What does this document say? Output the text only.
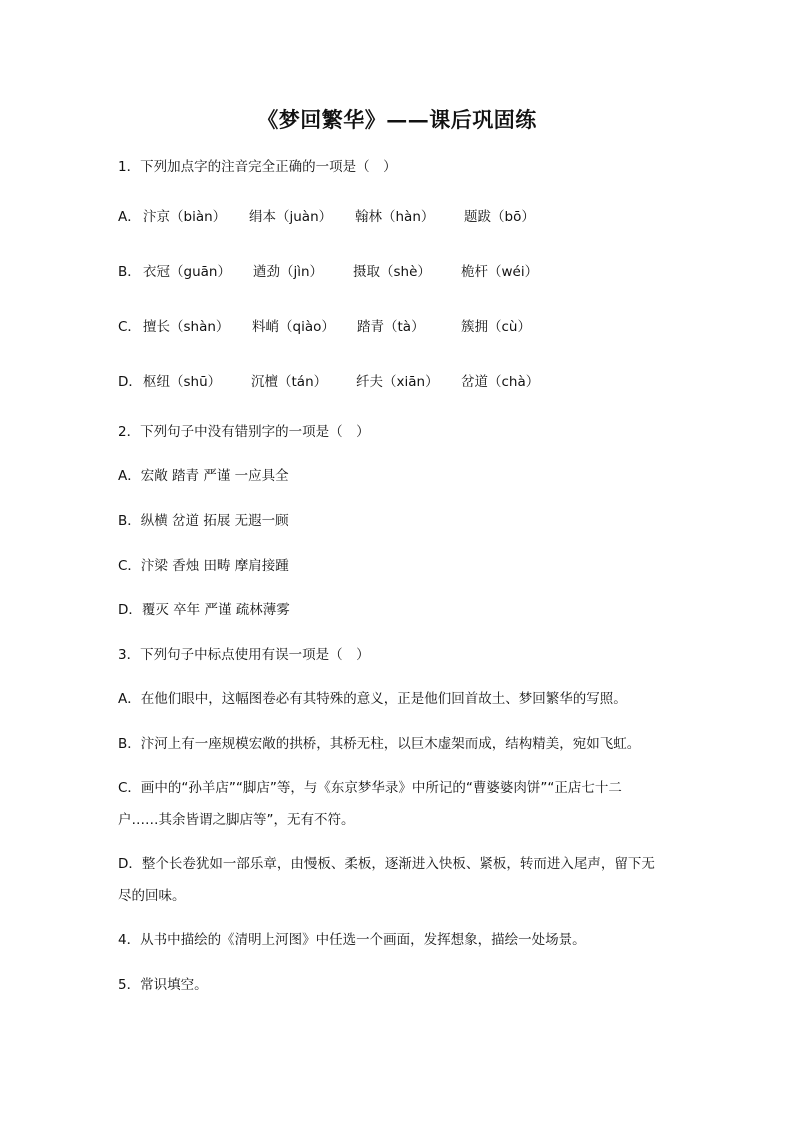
《梦回繁华》——课后巩固练
1．下列加点字的注音完全正确的一项是（　）
A． 汴京（biàn） 绢本（juàn） 翰林（hàn） 题跋（bō）
B． 衣冠（guān） 遒劲（jìn） 摄取（shè） 桅杆（wéi）
C． 擅长（shàn） 料峭（qiào） 踏青（tà）	簇拥（cù）
D． 枢纽（shū） 沉檀（tán） 纤夫（xiān） 岔道（chà）
2．下列句子中没有错别字的一项是（　）
A．宏敞 踏青 严谨 一应具全
B．纵横 岔道 拓展 无遐一顾
C．汴梁 香烛 田畴 摩肩接踵
D．覆灭 卒年 严谨 疏林薄雾
3．下列句子中标点使用有误一项是（　）
A．在他们眼中，这幅图卷必有其特殊的意义，正是他们回首故土、梦回繁华的写照。
B．汴河上有一座规模宏敞的拱桥，其桥无柱，以巨木虚架而成，结构精美，宛如飞虹。
C．画中的“孙羊店”“脚店”等，与《东京梦华录》中所记的“曹婆婆肉饼”“正店七十二
户……其余皆谓之脚店等”，无有不符。
D．整个长卷犹如一部乐章，由慢板、柔板，逐渐进入快板、紧板，转而进入尾声，留下无
尽的回味。
4．从书中描绘的《清明上河图》中任选一个画面，发挥想象，描绘一处场景。
5．常识填空。
